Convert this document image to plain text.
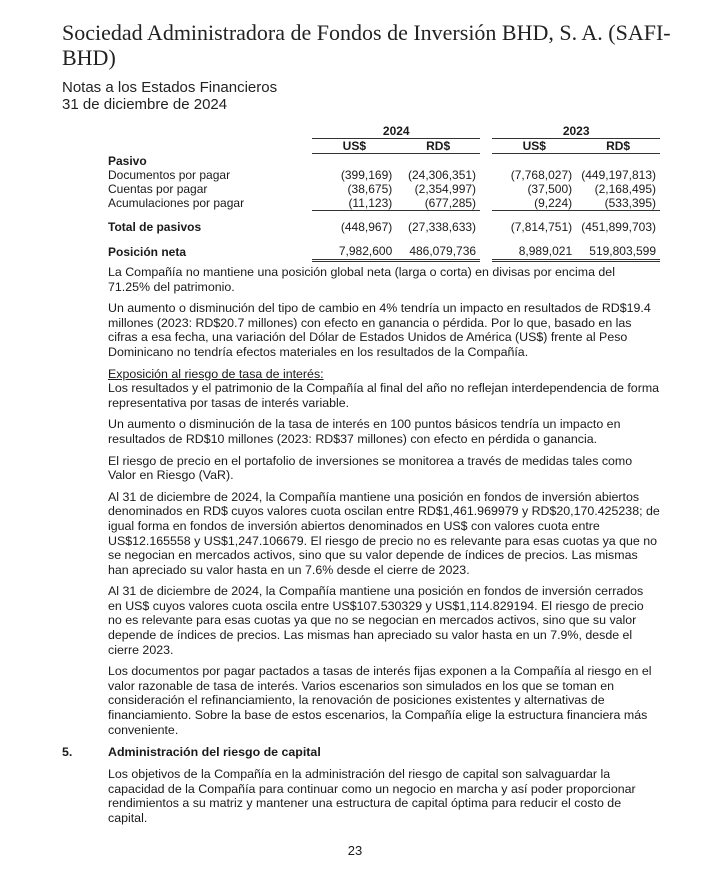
Sociedad Administradora de Fondos de Inversión BHD, S. A. (SAFI-BHD)
Notas a los Estados Financieros
31 de diciembre de 2024
	2024			2023	
	US$	RD$		US$	RD$
Pasivo					
Documentos por pagar	(399,169)	(24,306,351)		(7,768,027)	(449,197,813)
Cuentas por pagar	(38,675)	(2,354,997)		(37,500)	(2,168,495)
Acumulaciones por pagar	(11,123)	(677,285)		(9,224)	(533,395)

Total de pasivos	(448,967)	(27,338,633)		(7,814,751)	(451,899,703)

Posición neta	7,982,600	486,079,736		8,989,021	519,803,599

La Compañía no mantiene una posición global neta (larga o corta) en divisas por encima del 71.25% del patrimonio.

Un aumento o disminución del tipo de cambio en 4% tendría un impacto en resultados de RD$19.4 millones (2023: RD$20.7 millones) con efecto en ganancia o pérdida. Por lo que, basado en las cifras a esa fecha, una variación del Dólar de Estados Unidos de América (US$) frente al Peso Dominicano no tendría efectos materiales en los resultados de la Compañía.

Exposición al riesgo de tasa de interés:

Los resultados y el patrimonio de la Compañía al final del año no reflejan interdependencia de forma representativa por tasas de interés variable.

Un aumento o disminución de la tasa de interés en 100 puntos básicos tendría un impacto en resultados de RD$10 millones (2023: RD$37 millones) con efecto en pérdida o ganancia.

El riesgo de precio en el portafolio de inversiones se monitorea a través de medidas tales como Valor en Riesgo (VaR).

Al 31 de diciembre de 2024, la Compañía mantiene una posición en fondos de inversión abiertos denominados en RD$ cuyos valores cuota oscilan entre RD$1,461.969979 y RD$20,170.425238; de igual forma en fondos de inversión abiertos denominados en US$ con valores cuota entre US$12.165558 y US$1,247.106679. El riesgo de precio no es relevante para esas cuotas ya que no se negocian en mercados activos, sino que su valor depende de índices de precios. Las mismas han apreciado su valor hasta en un 7.6% desde el cierre de 2023.

Al 31 de diciembre de 2024, la Compañía mantiene una posición en fondos de inversión cerrados en US$ cuyos valores cuota oscila entre US$107.530329 y US$1,114.829194. El riesgo de precio no es relevante para esas cuotas ya que no se negocian en mercados activos, sino que su valor depende de índices de precios. Las mismas han apreciado su valor hasta en un 7.9%, desde el cierre 2023.

Los documentos por pagar pactados a tasas de interés fijas exponen a la Compañía al riesgo en el valor razonable de tasa de interés. Varios escenarios son simulados en los que se toman en consideración el refinanciamiento, la renovación de posiciones existentes y alternativas de financiamiento. Sobre la base de estos escenarios, la Compañía elige la estructura financiera más conveniente.

5.	Administración del riesgo de capital

Los objetivos de la Compañía en la administración del riesgo de capital son salvaguardar la capacidad de la Compañía para continuar como un negocio en marcha y así poder proporcionar rendimientos a su matriz y mantener una estructura de capital óptima para reducir el costo de capital.

23
